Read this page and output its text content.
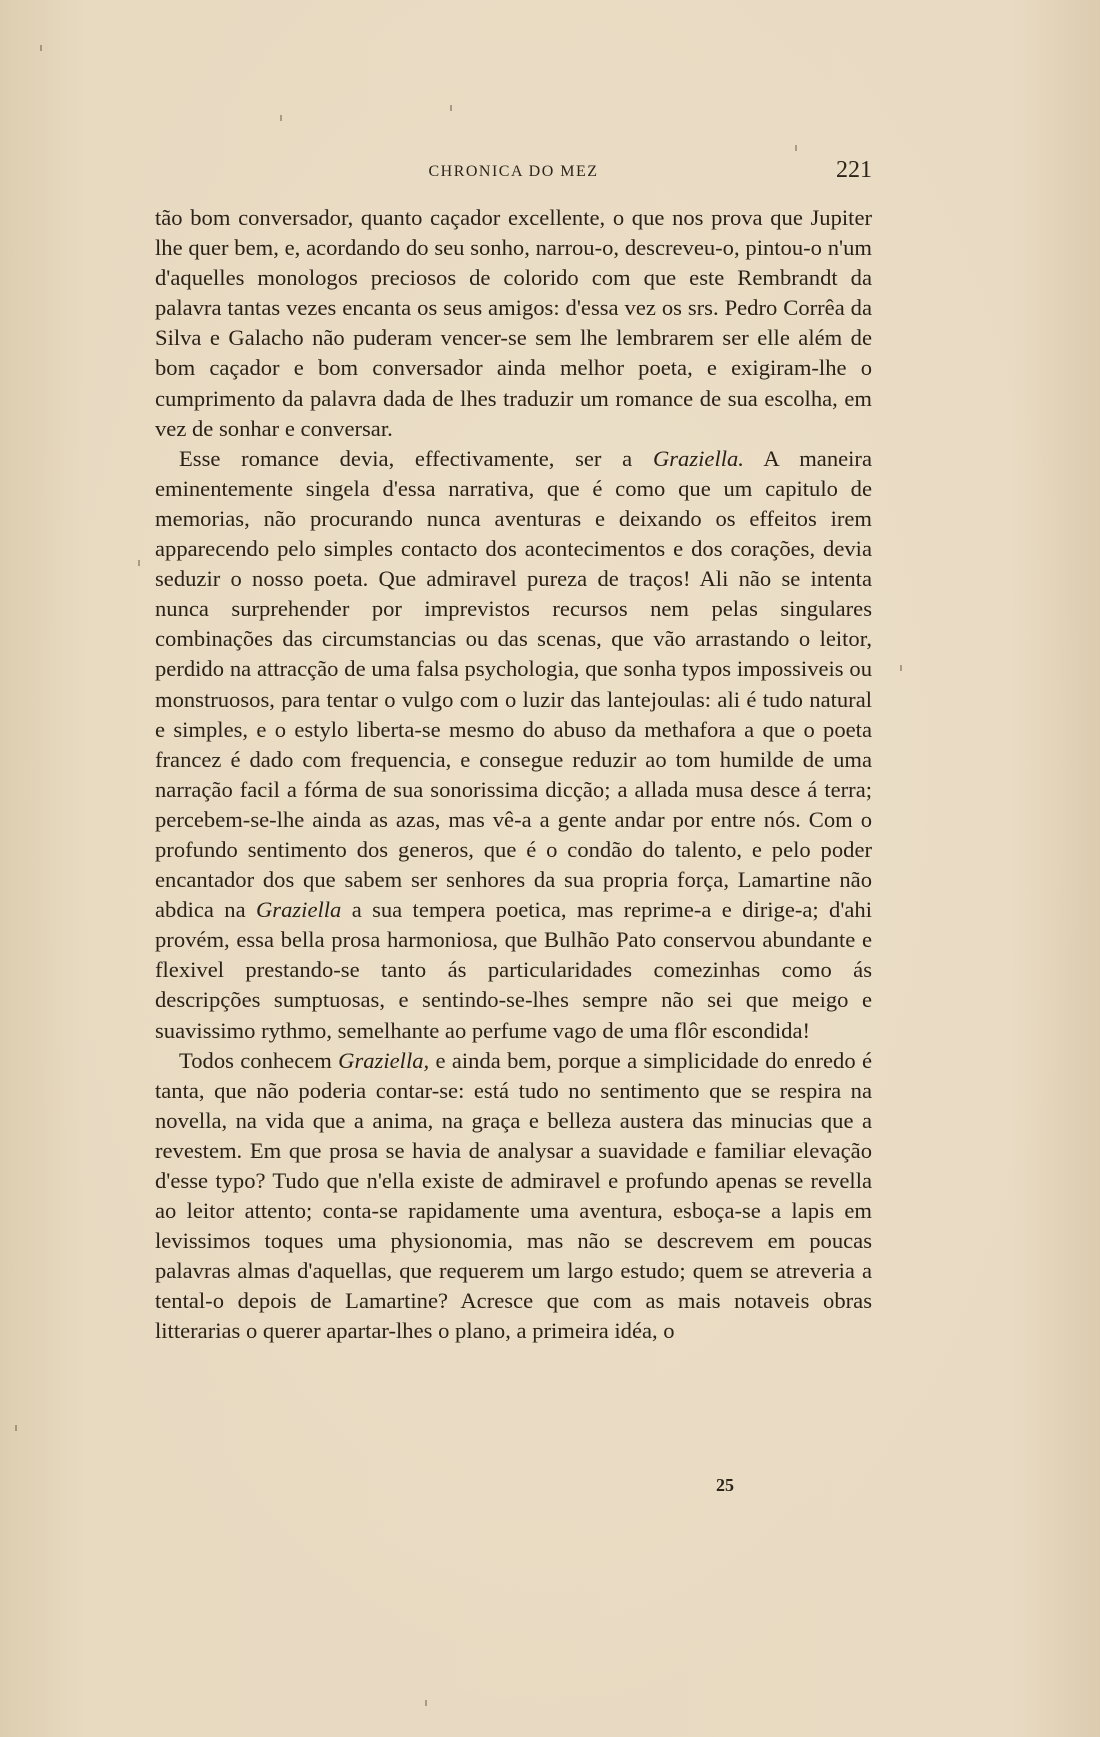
CHRONICA DO MEZ	221

tão bom conversador, quanto caçador excellente, o que nos prova que Jupiter lhe quer bem, e, acordando do seu sonho, narrou-o, descreveu-o, pintou-o n'um d'aquelles monologos preciosos de colorido com que este Rembrandt da palavra tantas vezes encanta os seus amigos: d'essa vez os srs. Pedro Corrêa da Silva e Galacho não puderam vencer-se sem lhe lembrarem ser elle além de bom caçador e bom conversador ainda melhor poeta, e exigiram-lhe o cumprimento da palavra dada de lhes traduzir um romance de sua escolha, em vez de sonhar e conversar.

Esse romance devia, effectivamente, ser a Graziella. A maneira eminentemente singela d'essa narrativa, que é como que um capitulo de memorias, não procurando nunca aventuras e deixando os effeitos irem apparecendo pelo simples contacto dos acontecimentos e dos corações, devia seduzir o nosso poeta. Que admiravel pureza de traços! Ali não se intenta nunca surprehender por imprevistos recursos nem pelas singulares combinações das circumstancias ou das scenas, que vão arrastando o leitor, perdido na attracção de uma falsa psychologia, que sonha typos impossiveis ou monstruosos, para tentar o vulgo com o luzir das lantejoulas: ali é tudo natural e simples, e o estylo liberta-se mesmo do abuso da methafora a que o poeta francez é dado com frequencia, e consegue reduzir ao tom humilde de uma narração facil a fórma de sua sonorissima dicção; a allada musa desce á terra; percebem-se-lhe ainda as azas, mas vê-a a gente andar por entre nós. Com o profundo sentimento dos generos, que é o condão do talento, e pelo poder encantador dos que sabem ser senhores da sua propria força, Lamartine não abdica na Graziella a sua tempera poetica, mas reprime-a e dirige-a; d'ahi provém, essa bella prosa harmoniosa, que Bulhão Pato conservou abundante e flexivel prestando-se tanto ás particularidades comezinhas como ás descripções sumptuosas, e sentindo-se-lhes sempre não sei que meigo e suavissimo rythmo, semelhante ao perfume vago de uma flôr escondida!

Todos conhecem Graziella, e ainda bem, porque a simplicidade do enredo é tanta, que não poderia contar-se: está tudo no sentimento que se respira na novella, na vida que a anima, na graça e belleza austera das minucias que a revestem. Em que prosa se havia de analysar a suavidade e familiar elevação d'esse typo? Tudo que n'ella existe de admiravel e profundo apenas se revella ao leitor attento; conta-se rapidamente uma aventura, esboça-se a lapis em levissimos toques uma physionomia, mas não se descrevem em poucas palavras almas d'aquellas, que requerem um largo estudo; quem se atreveria a tental-o depois de Lamartine? Acresce que com as mais notaveis obras litterarias o querer apartar-lhes o plano, a primeira idéa, o

25
